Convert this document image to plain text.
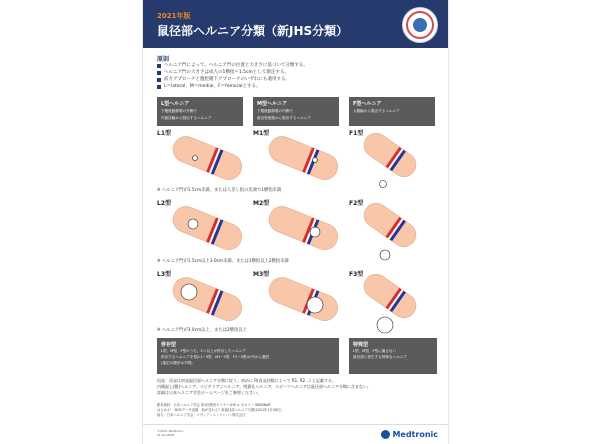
2021年版
鼠径部ヘルニア分類（新JHS分類）
原則
ヘルニア門によって、ヘルニア門の位置と大きさに基づいて分類する。
ヘルニア門の大きさは成人の1横指＝1.5cmとして測定する。
前方アプローチと腹腔鏡下アプローチのいずれにも適用する。
L＝lateral，M＝medial，F＝femoralとする。
L型ヘルニア
下腹壁動静脈の外側で
内鼠径輪から脱出するヘルニア
M型ヘルニア
下腹壁動静脈の内側で
鼠径管後壁から脱出するヘルニア
F型ヘルニア
大腿輪から脱出するヘルニア
L1型	M1型	F1型
※ ヘルニア門が1.5cm未満、または人差し指の先端で1横指未満
L2型	M2型	F2型
※ ヘルニア門が1.5cm以上3.0cm未満、または1横指以上2横指未満
L3型	M3型	F3型
※ ヘルニア門が3.0cm以上、または2横指以上
併存型
L型、M型、F型のうち、2つ以上が併存したヘルニア
併存するヘルニアを型(L1~3型、M1~3型、F1~3型)の中から選択
(重記の順序は不問)
特殊型
L型、M型、F型に属さない
鼠径部に発生する特殊なヘルニア
再発：再発は初発鼠径部ヘルニア分類に従う。初めに R(再発回数によって R1, R2…) と記載する。
内側鼠上(腹)ヘルニア、スピゲリアンヘルニア、閉鎖孔ヘルニア、スポーツヘルニアは鼠径部ヘルニア分類に含まない。
詳細は日本ヘルニア学会ホームページをご参照ください。
配布資料：日本ヘルニア学会 第1回教育セミナー JHS × セロコン WEBINAR
はじめる！ NCDデータ登録　何が変わる？新鼠径部ヘルニア分類(2021年1月28日)
協力：日本ヘルニア学会・コヴィディエンジャパン株式会社
©2021 Medtronic
21-VA-0000	Medtronic
